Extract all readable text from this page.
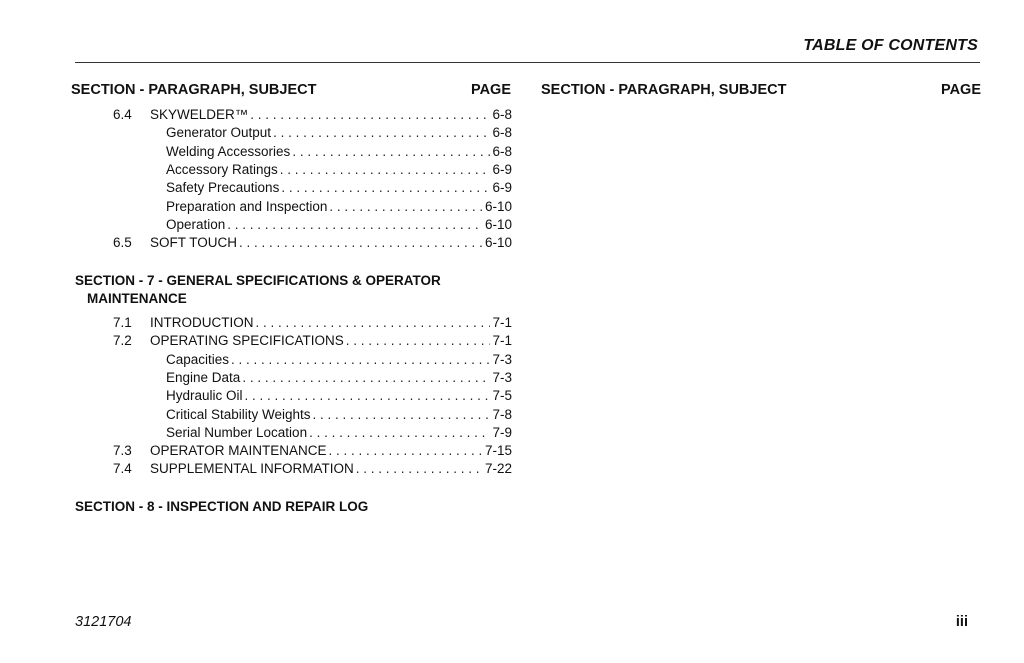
TABLE OF CONTENTS
SECTION - PARAGRAPH, SUBJECT	PAGE SECTION - PARAGRAPH, SUBJECT	PAGE
6.4 SKYWELDER™ . . .	6-8
Generator Output . . .	6-8
Welding Accessories . . .	6-8
Accessory Ratings . . .	6-9
Safety Precautions . . .	6-9
Preparation and Inspection . . .	6-10
Operation . . .	6-10
6.5 SOFT TOUCH . . .	6-10
7.1 INTRODUCTION . . .	7-1
7.2 OPERATING SPECIFICATIONS . . .	7-1
Capacities . . .	7-3
Engine Data . . .	7-3
Hydraulic Oil . . .	7-5
Critical Stability Weights . . .	7-8
Serial Number Location . . .	7-9
7.3 OPERATOR MAINTENANCE . . .	7-15
7.4 SUPPLEMENTAL INFORMATION . . .	7-22
SECTION - 7 - GENERAL SPECIFICATIONS & OPERATOR
MAINTENANCE
SECTION - 8 - INSPECTION AND REPAIR LOG
3121704	iii
